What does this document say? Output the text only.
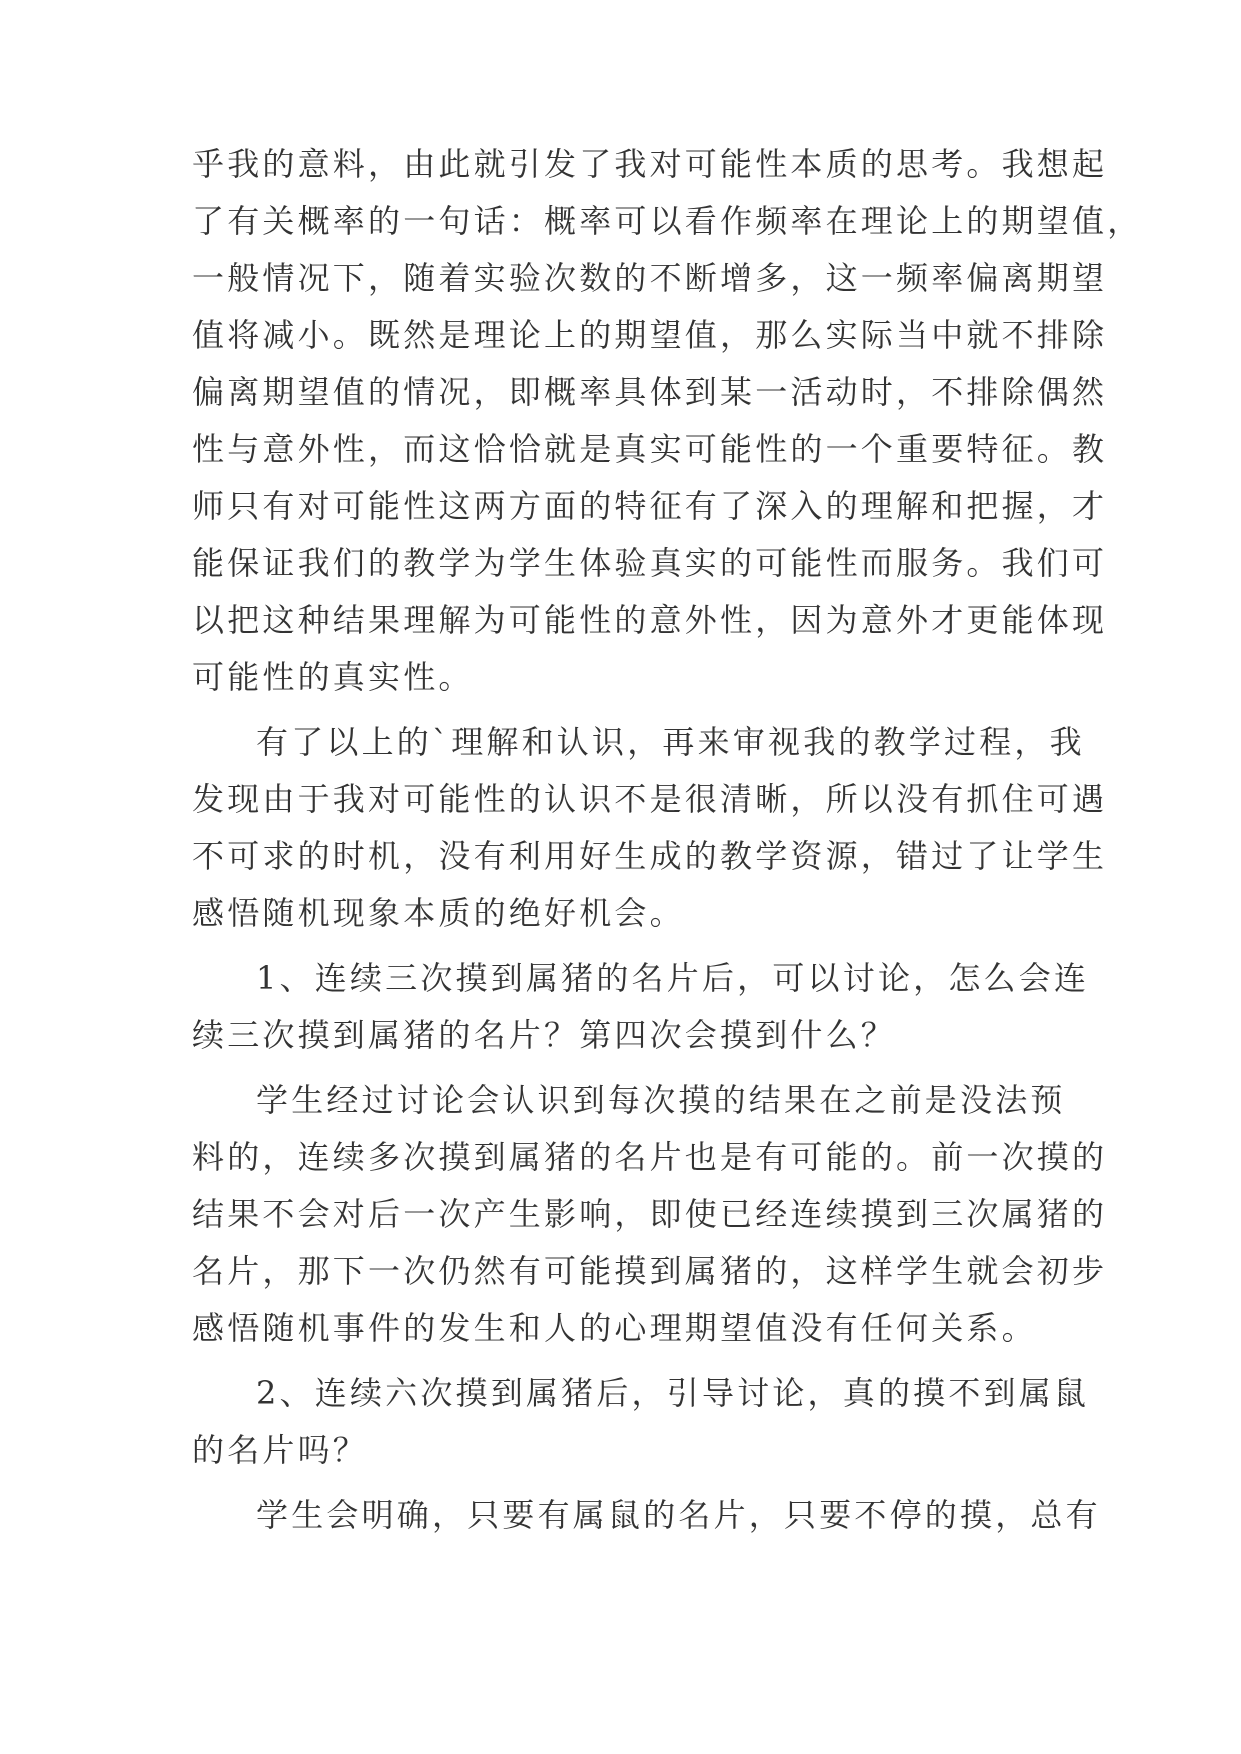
乎我的意料，由此就引发了我对可能性本质的思考。我想起

了有关概率的一句话：概率可以看作频率在理论上的期望值，

一般情况下，随着实验次数的不断增多，这一频率偏离期望

值将减小。既然是理论上的期望值，那么实际当中就不排除

偏离期望值的情况，即概率具体到某一活动时，不排除偶然

性与意外性，而这恰恰就是真实可能性的一个重要特征。教

师只有对可能性这两方面的特征有了深入的理解和把握，才

能保证我们的教学为学生体验真实的可能性而服务。我们可

以把这种结果理解为可能性的意外性，因为意外才更能体现

可能性的真实性。

有了以上的`理解和认识，再来审视我的教学过程，我

发现由于我对可能性的认识不是很清晰，所以没有抓住可遇

不可求的时机，没有利用好生成的教学资源，错过了让学生

感悟随机现象本质的绝好机会。

1、连续三次摸到属猪的名片后，可以讨论，怎么会连

续三次摸到属猪的名片？第四次会摸到什么？

学生经过讨论会认识到每次摸的结果在之前是没法预

料的，连续多次摸到属猪的名片也是有可能的。前一次摸的

结果不会对后一次产生影响，即使已经连续摸到三次属猪的

名片，那下一次仍然有可能摸到属猪的，这样学生就会初步

感悟随机事件的发生和人的心理期望值没有任何关系。

2、连续六次摸到属猪后，引导讨论，真的摸不到属鼠

的名片吗？

学生会明确，只要有属鼠的名片，只要不停的摸，总有
